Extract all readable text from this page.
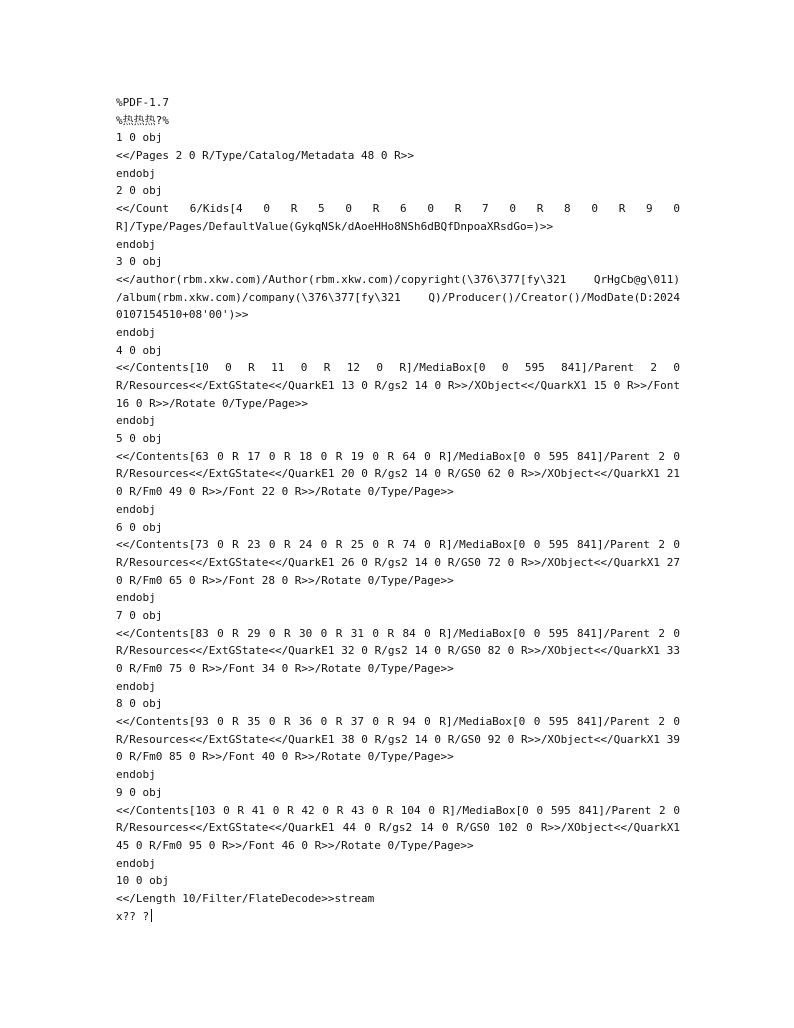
%PDF-1.7
%热热热?%
1 0 obj
<</Pages 2 0 R/Type/Catalog/Metadata 48 0 R>>
endobj
2 0 obj
<</Count 6/Kids[4 0 R 5 0 R 6 0 R 7 0 R 8 0 R 9 0
R]/Type/Pages/DefaultValue(GykqNSk/dAoeHHo8NSh6dBQfDnpoaXRsdGo=)>>
endobj
3 0 obj
<</author(rbm.xkw.com)/Author(rbm.xkw.com)/copyright(\376\377[fy\321 QrHgCb@g\011)
/album(rbm.xkw.com)/company(\376\377[fy\321 Q)/Producer()/Creator()/ModDate(D:2024
0107154510+08'00')>>
endobj
4 0 obj
<</Contents[10 0 R 11 0 R 12 0 R]/MediaBox[0 0 595 841]/Parent 2 0
R/Resources<</ExtGState<</QuarkE1 13 0 R/gs2 14 0 R>>/XObject<</QuarkX1 15 0 R>>/Font
16 0 R>>/Rotate 0/Type/Page>>
endobj
5 0 obj
<</Contents[63 0 R 17 0 R 18 0 R 19 0 R 64 0 R]/MediaBox[0 0 595 841]/Parent 2 0
R/Resources<</ExtGState<</QuarkE1 20 0 R/gs2 14 0 R/GS0 62 0 R>>/XObject<</QuarkX1 21
0 R/Fm0 49 0 R>>/Font 22 0 R>>/Rotate 0/Type/Page>>
endobj
6 0 obj
<</Contents[73 0 R 23 0 R 24 0 R 25 0 R 74 0 R]/MediaBox[0 0 595 841]/Parent 2 0
R/Resources<</ExtGState<</QuarkE1 26 0 R/gs2 14 0 R/GS0 72 0 R>>/XObject<</QuarkX1 27
0 R/Fm0 65 0 R>>/Font 28 0 R>>/Rotate 0/Type/Page>>
endobj
7 0 obj
<</Contents[83 0 R 29 0 R 30 0 R 31 0 R 84 0 R]/MediaBox[0 0 595 841]/Parent 2 0
R/Resources<</ExtGState<</QuarkE1 32 0 R/gs2 14 0 R/GS0 82 0 R>>/XObject<</QuarkX1 33
0 R/Fm0 75 0 R>>/Font 34 0 R>>/Rotate 0/Type/Page>>
endobj
8 0 obj
<</Contents[93 0 R 35 0 R 36 0 R 37 0 R 94 0 R]/MediaBox[0 0 595 841]/Parent 2 0
R/Resources<</ExtGState<</QuarkE1 38 0 R/gs2 14 0 R/GS0 92 0 R>>/XObject<</QuarkX1 39
0 R/Fm0 85 0 R>>/Font 40 0 R>>/Rotate 0/Type/Page>>
endobj
9 0 obj
<</Contents[103 0 R 41 0 R 42 0 R 43 0 R 104 0 R]/MediaBox[0 0 595 841]/Parent 2 0
R/Resources<</ExtGState<</QuarkE1 44 0 R/gs2 14 0 R/GS0 102 0 R>>/XObject<</QuarkX1
45 0 R/Fm0 95 0 R>>/Font 46 0 R>>/Rotate 0/Type/Page>>
endobj
10 0 obj
<</Length 10/Filter/FlateDecode>>stream
x?? ?
